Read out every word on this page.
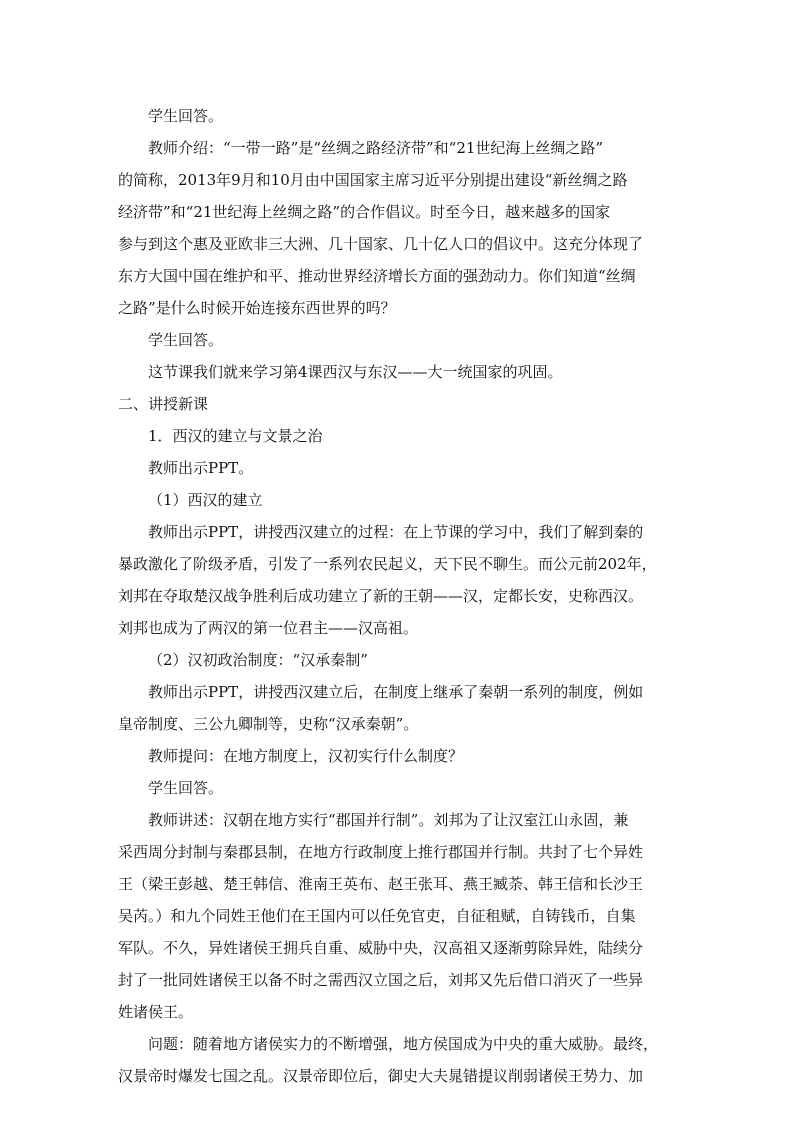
学生回答。
教师介绍：“一带一路”是“丝绸之路经济带”和“21世纪海上丝绸之路”
的简称，2013年9月和10月由中国国家主席习近平分别提出建设“新丝绸之路
经济带”和“21世纪海上丝绸之路”的合作倡议。时至今日，越来越多的国家
参与到这个惠及亚欧非三大洲、几十国家、几十亿人口的倡议中。这充分体现了
东方大国中国在维护和平、推动世界经济增长方面的强劲动力。你们知道“丝绸
之路”是什么时候开始连接东西世界的吗？
学生回答。
这节课我们就来学习第4课西汉与东汉——大一统国家的巩固。
二、讲授新课
1．西汉的建立与文景之治
教师出示PPT。
（1）西汉的建立
教师出示PPT，讲授西汉建立的过程：在上节课的学习中，我们了解到秦的
暴政激化了阶级矛盾，引发了一系列农民起义，天下民不聊生。而公元前202年，
刘邦在夺取楚汉战争胜利后成功建立了新的王朝——汉，定都长安，史称西汉。
刘邦也成为了两汉的第一位君主——汉高祖。
（2）汉初政治制度：“汉承秦制”
教师出示PPT，讲授西汉建立后，在制度上继承了秦朝一系列的制度，例如
皇帝制度、三公九卿制等，史称“汉承秦朝”。
教师提问：在地方制度上，汉初实行什么制度？
学生回答。
教师讲述：汉朝在地方实行“郡国并行制”。刘邦为了让汉室江山永固，兼
采西周分封制与秦郡县制，在地方行政制度上推行郡国并行制。共封了七个异姓
王（梁王彭越、楚王韩信、淮南王英布、赵王张耳、燕王臧荼、韩王信和长沙王
吴芮。）和九个同姓王他们在王国内可以任免官吏，自征租赋，自铸钱币，自集
军队。不久，异姓诸侯王拥兵自重、威胁中央，汉高祖又逐渐剪除异姓，陆续分
封了一批同姓诸侯王以备不时之需西汉立国之后，刘邦又先后借口消灭了一些异
姓诸侯王。
问题：随着地方诸侯实力的不断增强，地方侯国成为中央的重大威胁。最终，
汉景帝时爆发七国之乱。汉景帝即位后，御史大夫晁错提议削弱诸侯王势力、加
